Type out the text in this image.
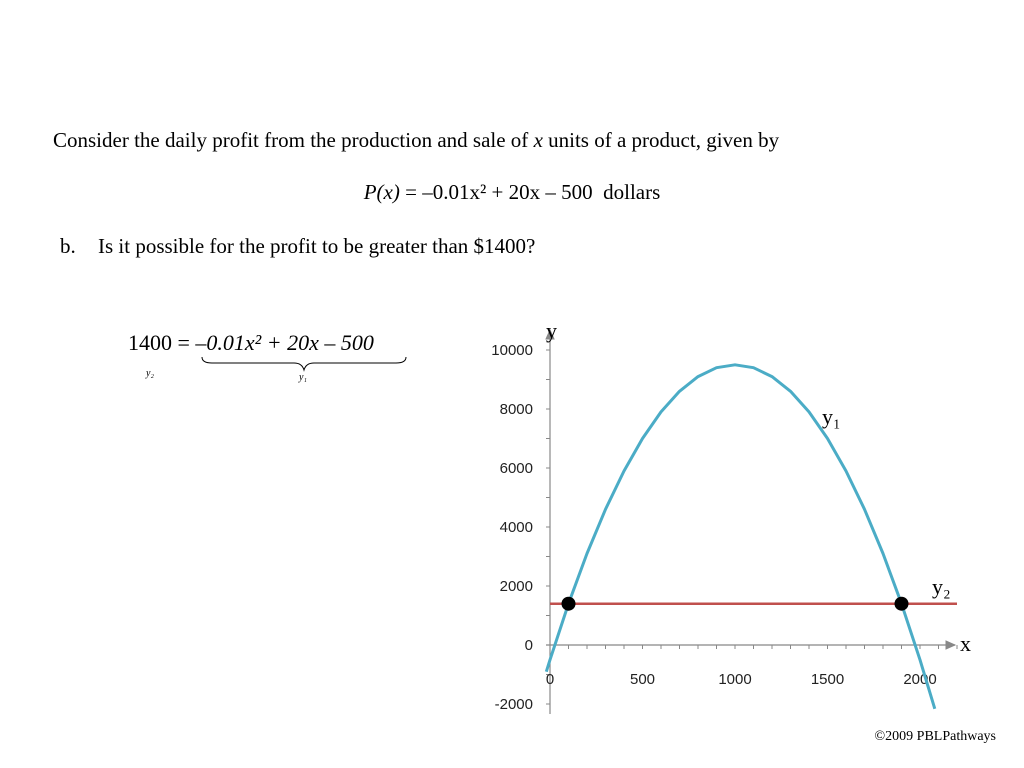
Consider the daily profit from the production and sale of x units of a product, given by
P(x) = –0.01x² + 20x – 500 dollars
b. Is it possible for the profit to be greater than $1400?
1400 = –0.01x² + 20x – 500
y₂	y₁
-2000
0
2000
4000
6000
8000
10000
0	500	1000	1500	2000
y
x
y₁
y₂
©2009 PBLPathways
